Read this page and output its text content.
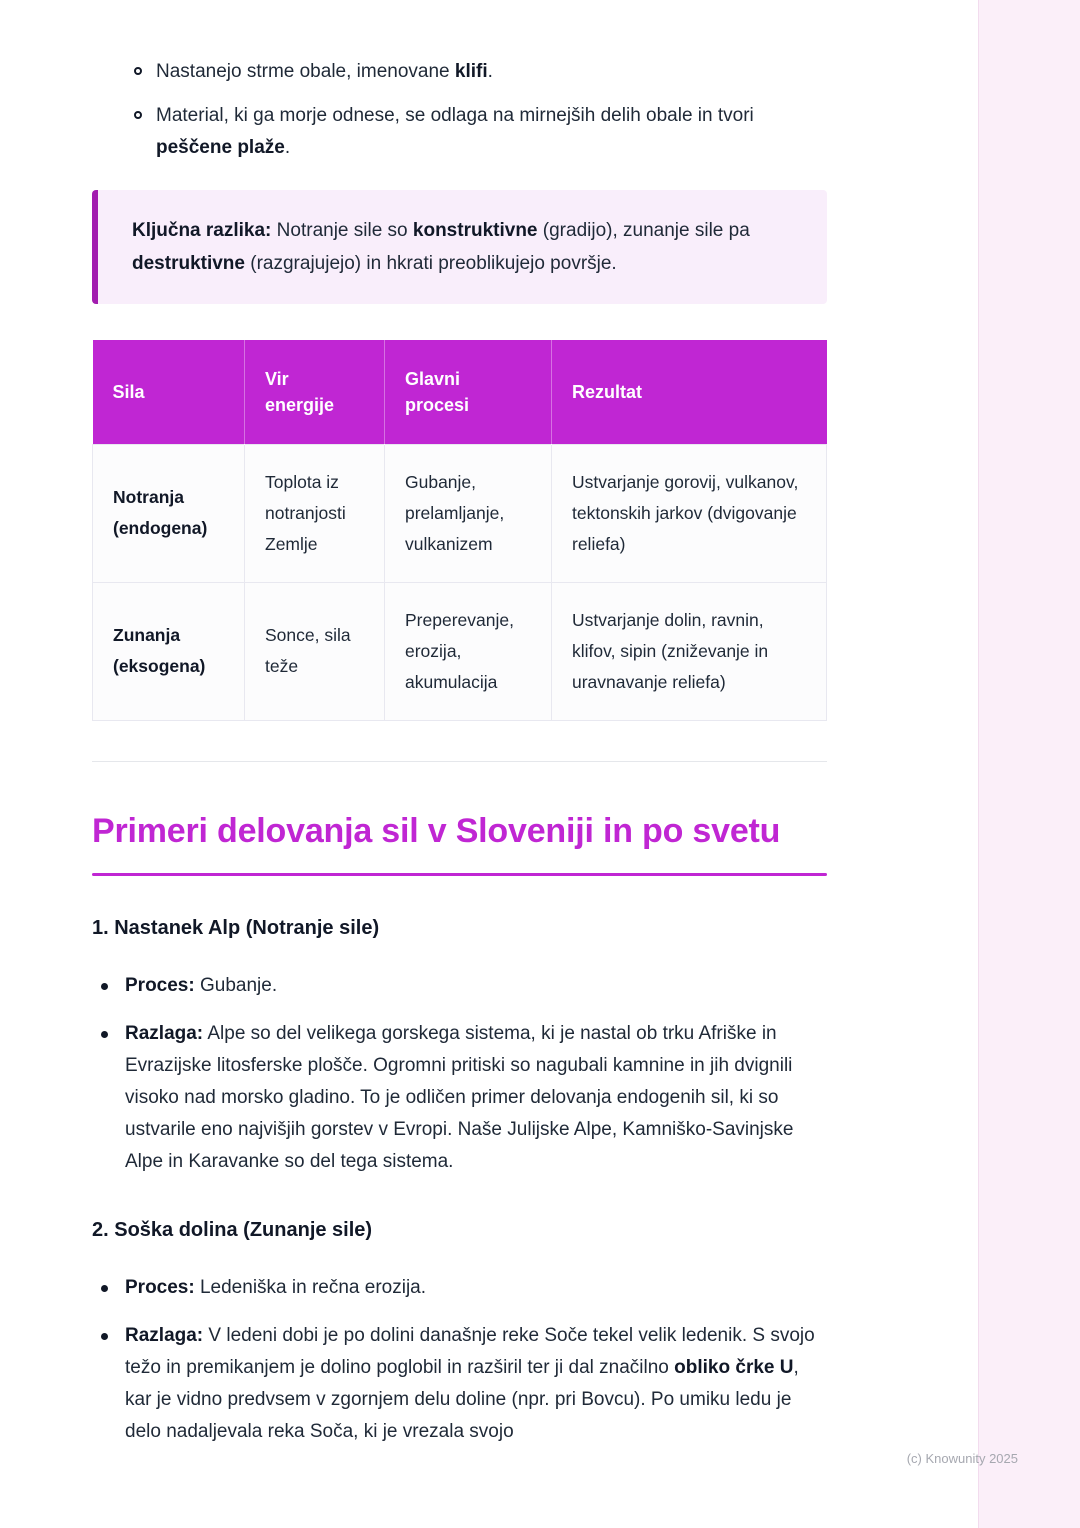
Nastanejo strme obale, imenovane klifi.

Material, ki ga morje odnese, se odlaga na mirnejših delih obale in tvori peščene plaže.

Ključna razlika: Notranje sile so konstruktivne (gradijo), zunanje sile pa destruktivne (razgrajujejo) in hkrati preoblikujejo površje.

Sila	Vir energije	Glavni procesi	Rezultat
Notranja (endogena)	Toplota iz notranjosti Zemlje	Gubanje, prelamljanje, vulkanizem	Ustvarjanje gorovij, vulkanov, tektonskih jarkov (dvigovanje reliefa)
Zunanja (eksogena)	Sonce, sila teže	Preperevanje, erozija, akumulacija	Ustvarjanje dolin, ravnin, klifov, sipin (zniževanje in uravnavanje reliefa)
Primeri delovanja sil v Sloveniji in po svetu
1. Nastanek Alp (Notranje sile)

Proces: Gubanje.

Razlaga: Alpe so del velikega gorskega sistema, ki je nastal ob trku Afriške in Evrazijske litosferske plošče. Ogromni pritiski so nagubali kamnine in jih dvignili visoko nad morsko gladino. To je odličen primer delovanja endogenih sil, ki so ustvarile eno najvišjih gorstev v Evropi. Naše Julijske Alpe, Kamniško-Savinjske Alpe in Karavanke so del tega sistema.

2. Soška dolina (Zunanje sile)

Proces: Ledeniška in rečna erozija.

Razlaga: V ledeni dobi je po dolini današnje reke Soče tekel velik ledenik. S svojo težo in premikanjem je dolino poglobil in razširil ter ji dal značilno obliko črke U, kar je vidno predvsem v zgornjem delu doline (npr. pri Bovcu). Po umiku ledu je delo nadaljevala reka Soča, ki je vrezala svojo

(c) Knowunity 2025
